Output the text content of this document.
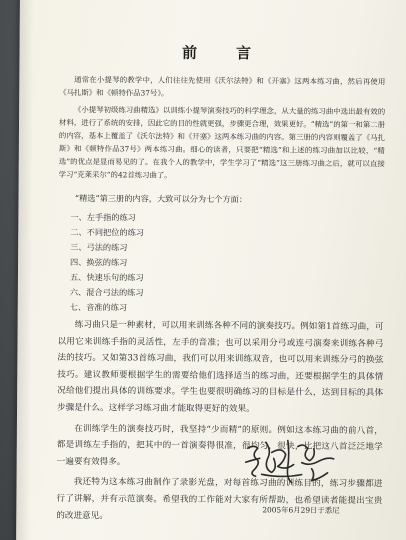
前　言

通常在小提琴的教学中，人们往往先使用《沃尔法特》和《开塞》这两本练习曲，然后再使用《马扎斯》和《顿特作品37号》。

《小提琴初级练习曲精选》以训练小提琴演奏技巧的科学理念，从大量的练习曲中选出最有效的材料，进行了系统的安排，因此它的目的性就更强，步骤更合理，效果更好。“精选”的第一和第二册的内容，基本上覆盖了《沃尔法特》和《开塞》这两本练习曲的内容。第三册的内容则覆盖了《马扎斯》和《顿特作品37号》两本练习曲。细心的读者，只要把“精选”和上述的练习曲加以比较，“精选”的优点是显而易见的了。在我个人的教学中，学生学习了“精选”这三册练习曲之后，就可以直接学习“克莱采尔”的42首练习曲了。

“精选”第三册的内容，大致可以分为七个方面：

一、左手指的练习
二、不同把位的练习
三、弓法的练习
四、换弦的练习
五、快速乐句的练习
六、混合弓法的练习
七、音准的练习

练习曲只是一种素材，可以用来训练各种不同的演奏技巧。例如第1首练习曲，可以用它来训练手指的灵活性，左手的音准；也可以采用分弓或连弓演奏来训练各种弓法的技巧。又如第33首练习曲，我们可以用来训练双音，也可以用来训练分弓的换弦技巧。建议教师要根据学生的需要给他们选择适当的练习曲，还要根据学生的具体情况给他们提出具体的训练要求。学生也要很明确练习的目标是什么，达到目标的具体步骤是什么。这样学习练习曲才能取得更好的效果。

在训练学生的演奏技巧时，我坚持“少而精”的原则。例如这本练习曲的前八首，都是训练左手指的，把其中的一首演奏得很准，很均匀，很快，比把这八首泛泛地学一遍要有效得多。

我还特为这本练习曲制作了录影光盘，对每首练习曲的训练目的，练习步骤都进行了讲解，并有示范演奏。希望我的工作能对大家有所帮助，也希望读者能提出宝贵的改进意见。

2005年6月29日于悉尼
